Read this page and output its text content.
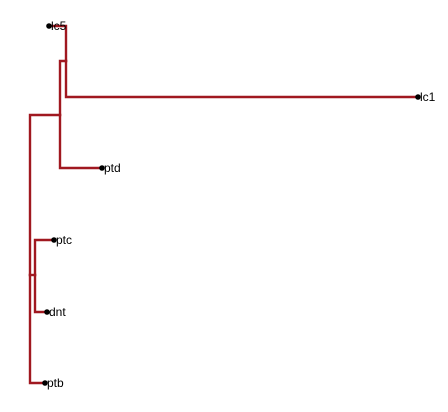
lc5
lc1
ptd
ptc
dnt
ptb
